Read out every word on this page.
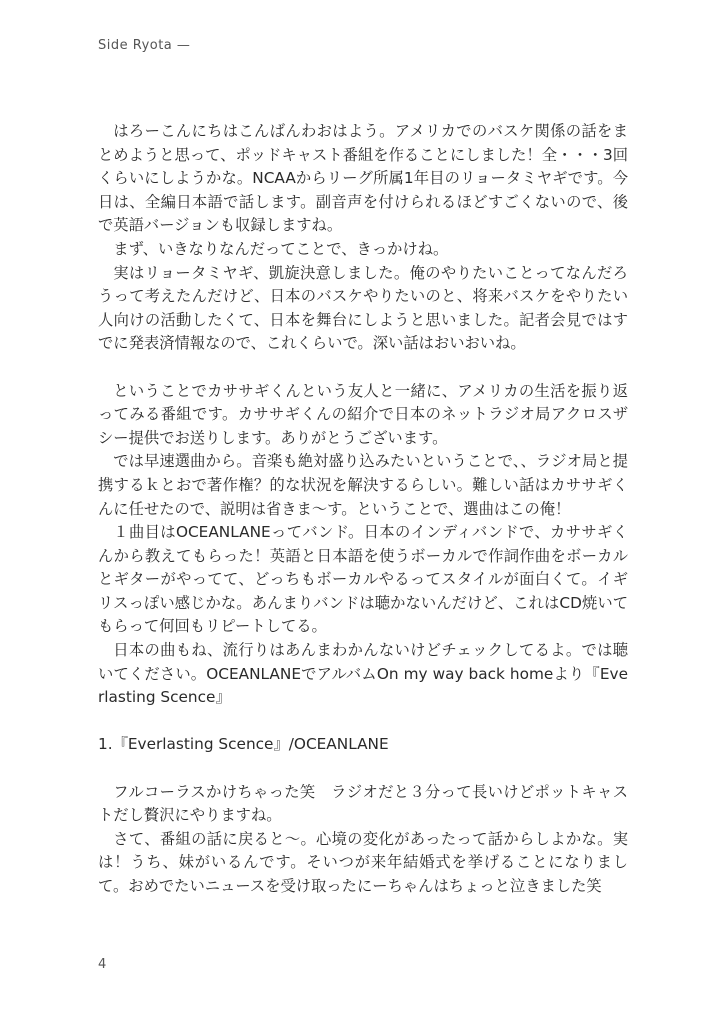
Side Ryota —

はろーこんにちはこんばんわおはよう。アメリカでのバスケ関係の話をまとめようと思って、ポッドキャスト番組を作ることにしました！全・・・3回くらいにしようかな。NCAAからリーグ所属1年目のリョータミヤギです。今日は、全編日本語で話します。副音声を付けられるほどすごくないので、後で英語バージョンも収録しますね。

まず、いきなりなんだってことで、きっかけね。

実はリョータミヤギ、凱旋決意しました。俺のやりたいことってなんだろうって考えたんだけど、日本のバスケやりたいのと、将来バスケをやりたい人向けの活動したくて、日本を舞台にしようと思いました。記者会見ではすでに発表済情報なので、これくらいで。深い話はおいおいね。

ということでカササギくんという友人と一緒に、アメリカの生活を振り返ってみる番組です。カササギくんの紹介で日本のネットラジオ局アクロスザシー提供でお送りします。ありがとうございます。

では早速選曲から。音楽も絶対盛り込みたいということで、、ラジオ局と提携するｋとおで著作権？的な状況を解決するらしい。難しい話はカササギくんに任せたので、説明は省きま〜す。ということで、選曲はこの俺！

１曲目はOCEANLANEってバンド。日本のインディバンドで、カササギくんから教えてもらった！英語と日本語を使うボーカルで作詞作曲をボーカルとギターがやってて、どっちもボーカルやるってスタイルが面白くて。イギリスっぽい感じかな。あんまりバンドは聴かないんだけど、これはCD焼いてもらって何回もリピートしてる。

日本の曲もね、流行りはあんまわかんないけどチェックしてるよ。では聴いてください。OCEANLANEでアルバムOn my way back homeより『Everlasting Scence』

1.『Everlasting Scence』/OCEANLANE

フルコーラスかけちゃった笑　ラジオだと３分って長いけどポットキャストだし贅沢にやりますね。

さて、番組の話に戻ると〜。心境の変化があったって話からしよかな。実は！うち、妹がいるんです。そいつが来年結婚式を挙げることになりまして。おめでたいニュースを受け取ったにーちゃんはちょっと泣きました笑

4
